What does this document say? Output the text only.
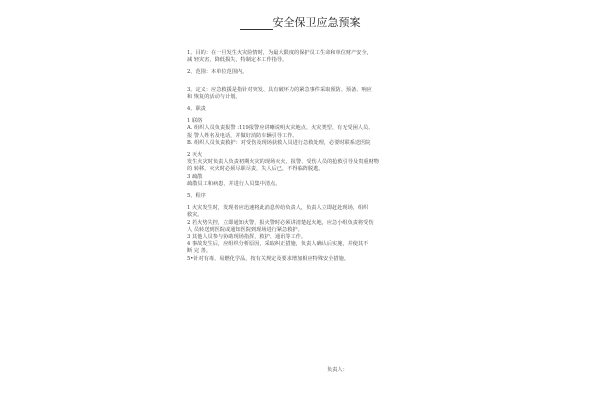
______安全保卫应急预案

1、目的：在一旦发生火灾险情时，为最大限度的保护员工生命和单位财产安全，

减 轻灾害，降低损失，特制定本工作指导。

2、范围：本单位范围内。

3、定义：应急救援是指针对突发、具有破坏力的紧急事件采取预防、预备、响应

和 恢复的活动与计划。

4、职责

1 联络

A. 组织人员负责报警 :119报警应讲晰说明火灾地点、火灾类型、有无受困人员、

报 警人姓名及电话，并做好消防车辆引导工作。

B. 组织人员负责救护：对受伤及现场获救人员进行急救处理，必要时联系送医院

2 灭火

发生火灾时负责人负责初期火灾的现场灭火、报警、受伤人员的抢救引导及贵重财物

的 转移。灭火时必须尽职尽责，失人后已，不得临阵脱逃。

3 疏散

疏散员工和病患，并进行人员集中清点。

5、程序

1 火灾发生时，发现者应迅速将此消息传给负责人，负责人立即赶赴现场，组织

救灾。

2 若火势失控，立即通知火警，报火警时必须讲清楚起火地，应急小组负责将受伤

人 员转送到医院或通知医院到现场进行紧急救护。

3 其他人员参与协助现场指挥，救护、通讯等工作。

4 事故发生后，应组织分析原因，采取纠正措施，负责人确认后实施，并使其不

断 完 善。

5•针对有毒、易燃化学品，按有关规定及要求增加相应特殊安全措施。

负责人：
